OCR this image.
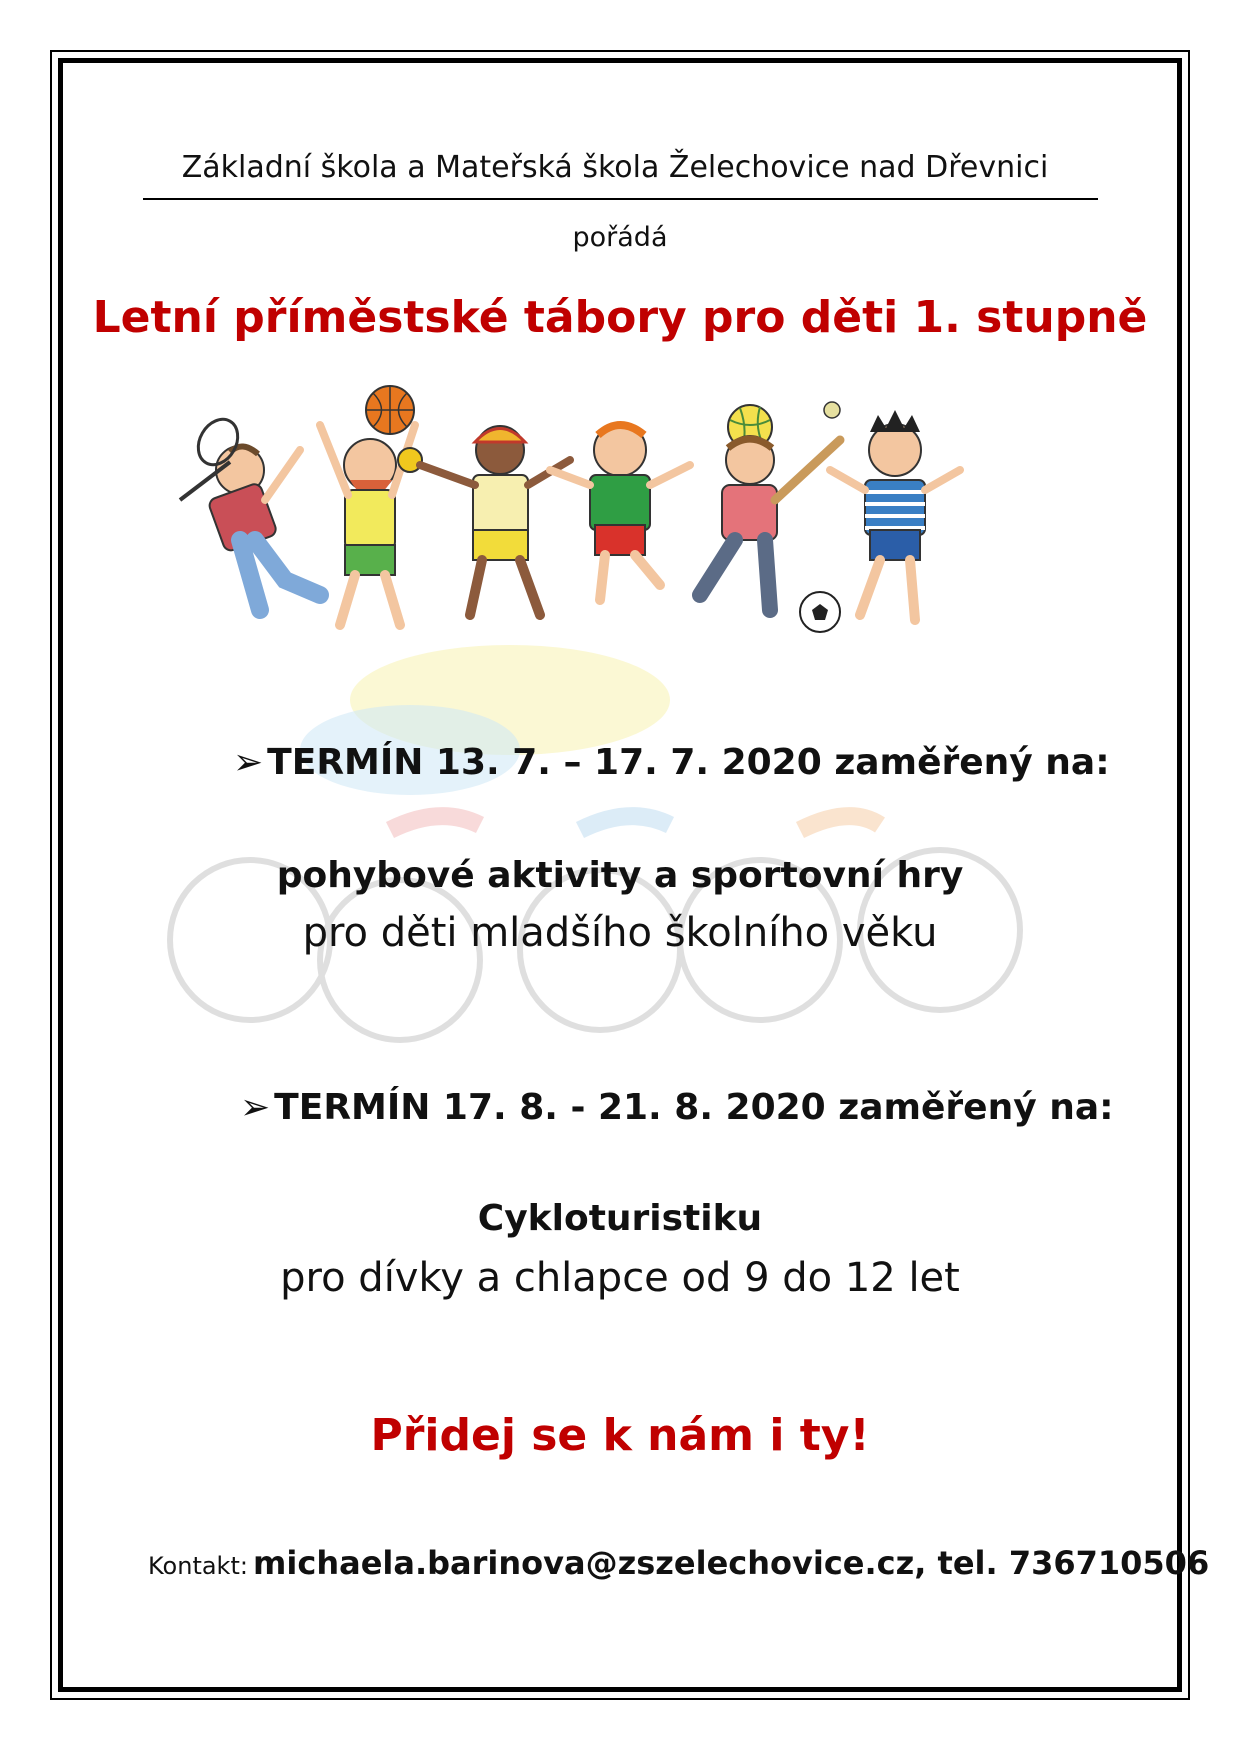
Základní škola a Mateřská škola Želechovice nad Dřevnici
pořádá
Letní příměstské tábory pro děti 1. stupně
➢ TERMÍN 13. 7. – 17. 7. 2020 zaměřený na:
pohybové aktivity a sportovní hry
pro děti mladšího školního věku
➢ TERMÍN 17. 8. - 21. 8. 2020 zaměřený na:
Cykloturistiku
pro dívky a chlapce od 9 do 12 let
Přidej se k nám i ty!
Kontakt: michaela.barinova@zszelechovice.cz, tel. 736710506
